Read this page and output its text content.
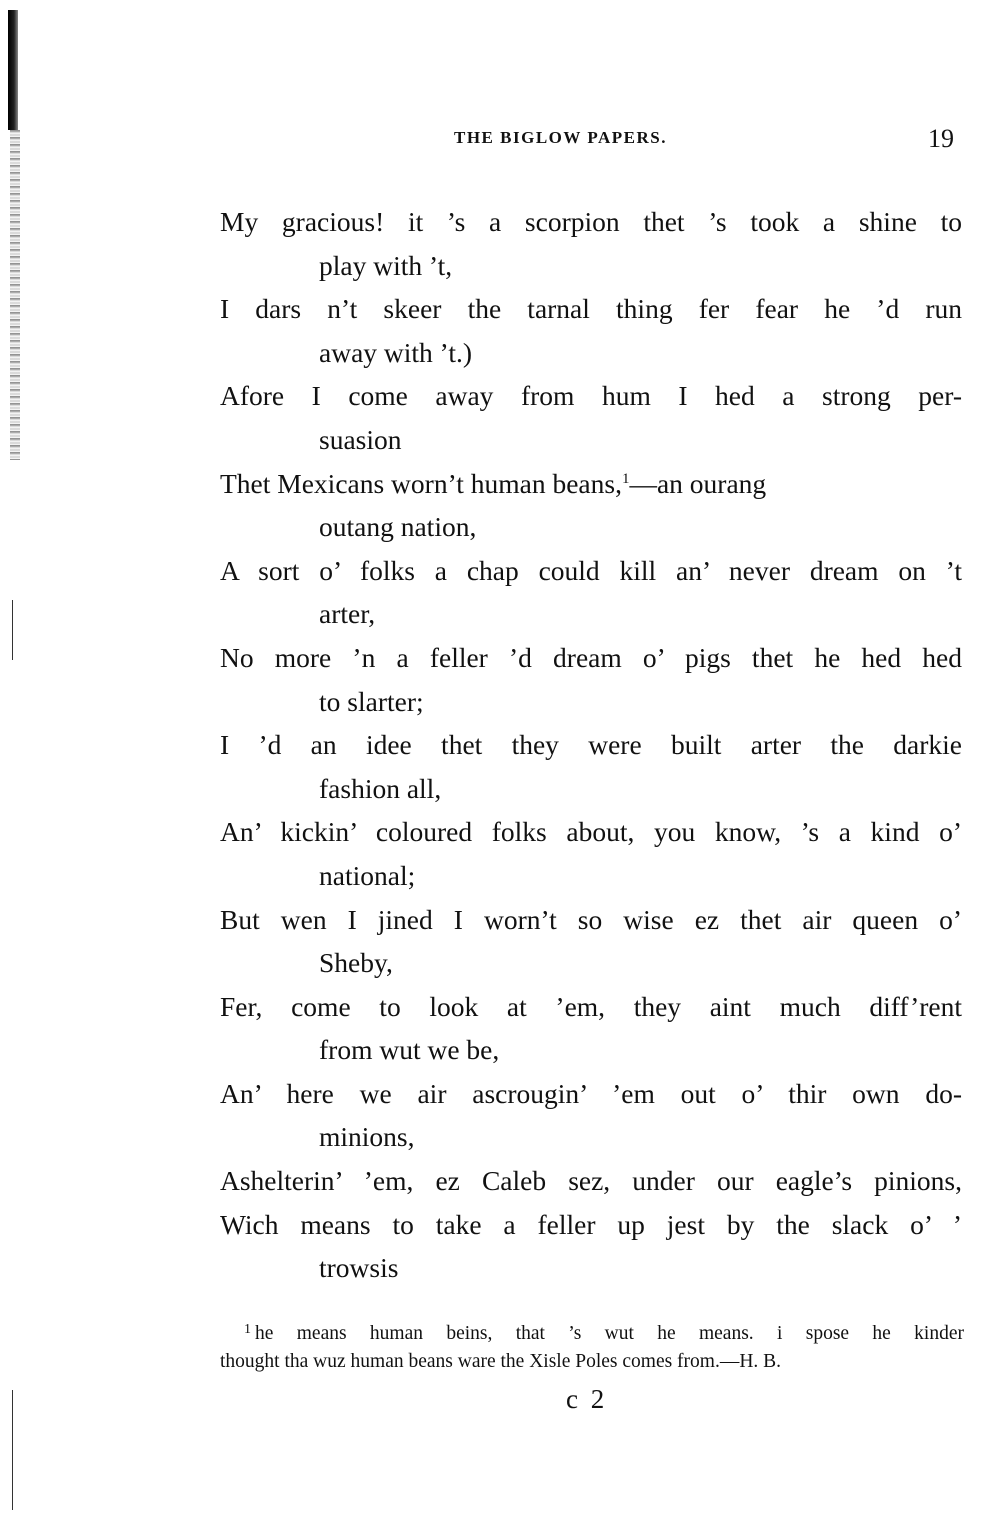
THE BIGLOW PAPERS.	19
My gracious! it ’s a scorpion thet ’s took a shine to
play with ’t,
I dars n’t skeer the tarnal thing fer fear he ’d run
away with ’t.)
Afore I come away from hum I hed a strong per-
suasion
Thet Mexicans worn’t human beans,$^1$—an ourang
outang nation,
A sort o’ folks a chap could kill an’ never dream on ’t
arter,
No more ’n a feller ’d dream o’ pigs thet he hed hed
to slarter;
I ’d an idee thet they were built arter the darkie
fashion all,
An’ kickin’ coloured folks about, you know, ’s a kind o’
national;
But wen I jined I worn’t so wise ez thet air queen o’
Sheby,
Fer, come to look at ’em, they aint much diff’rent
from wut we be,
An’ here we air ascrougin’ ’em out o’ thir own do-
minions,
Ashelterin’ ’em, ez Caleb sez, under our eagle’s pinions,
Wich means to take a feller up jest by the slack o’ ’
trowsis
$^1$ he means human beins, that ’s wut he means. i spose he kinder
thought tha wuz human beans ware the Xisle Poles comes from.—H. B.
c 2
